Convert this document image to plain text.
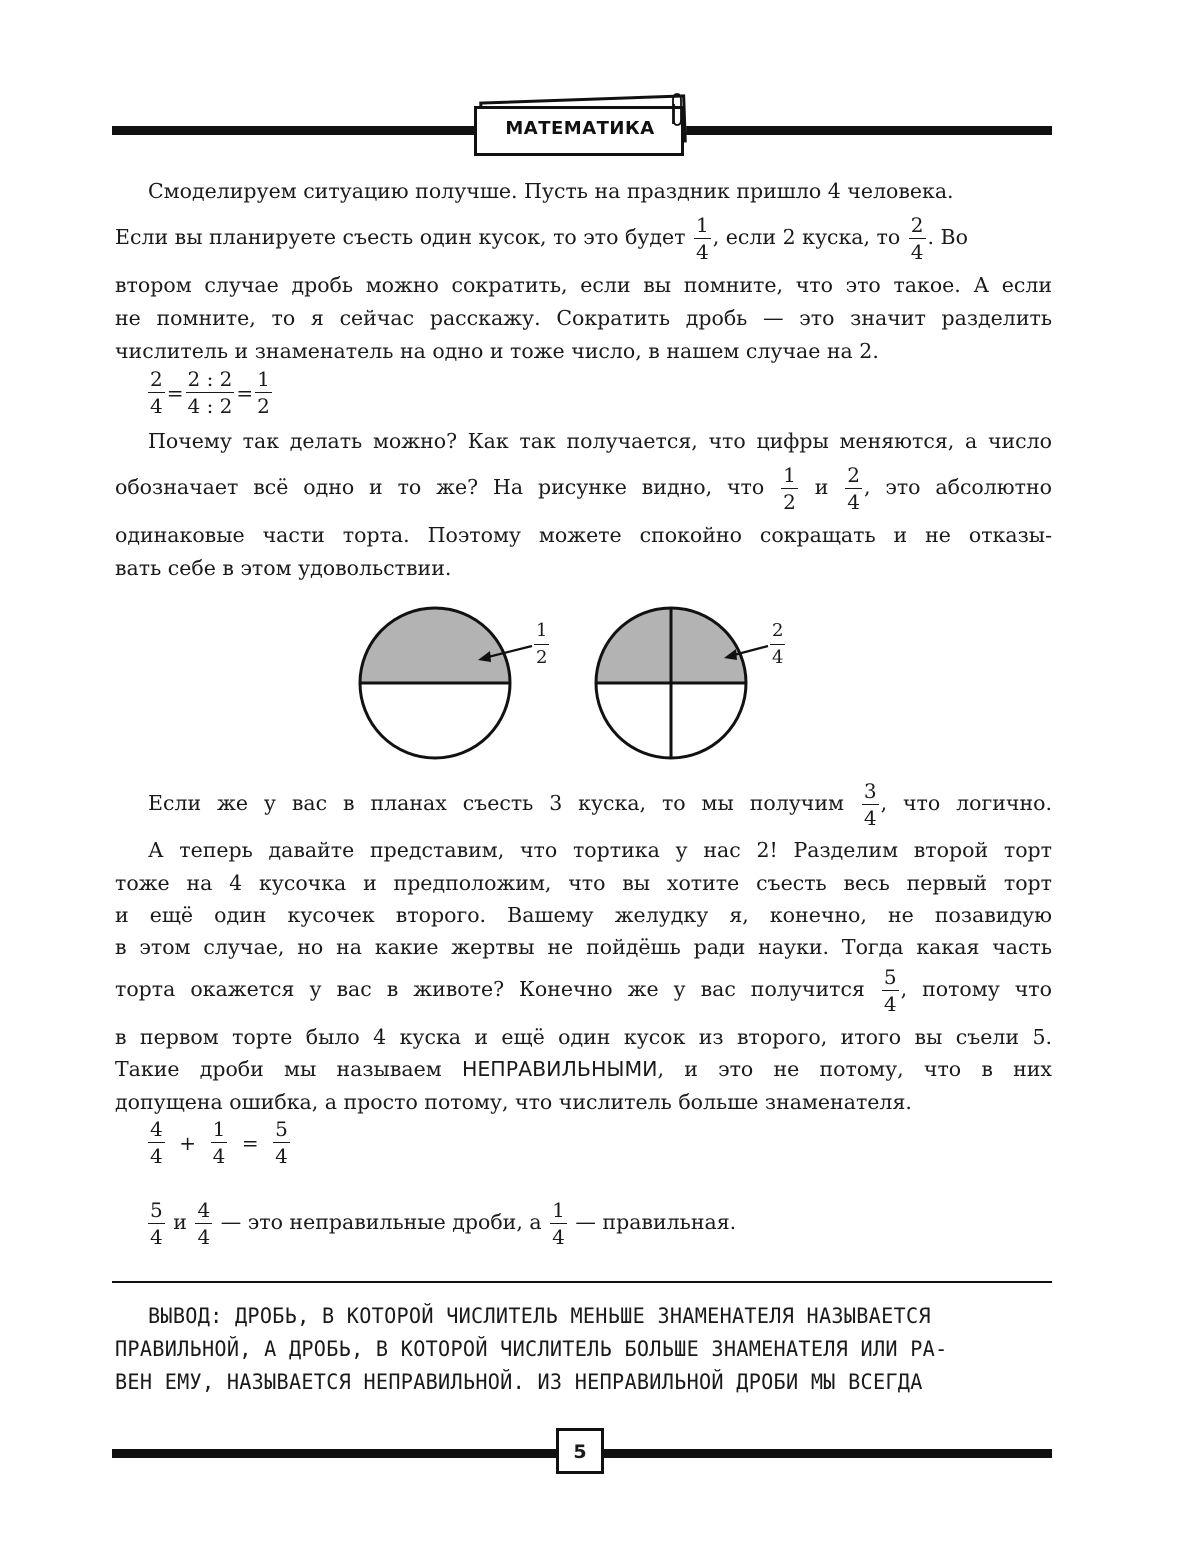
МАТЕМАТИКА
Смоделируем ситуацию получше. Пусть на праздник пришло 4 человека.
Если вы планируете съесть один кусок, то это будет $\frac{1}{4}$ , если 2 куска, то $\frac{2}{4}$ . Во
втором случае дробь можно сократить, если вы помните, что это такое. А если
не помните, то я сейчас расскажу. Сократить дробь — это значит разделить
числитель и знаменатель на одно и тоже число, в нашем случае на 2.
$\frac{2}{4} = \frac{2 : 2}{4 : 2} = \frac{1}{2}$
Почему так делать можно? Как так получается, что цифры меняются, а число
обозначает всё одно и то же? На рисунке видно, что $\frac{1}{2}$ и $\frac{2}{4}$ , это абсолютно
одинаковые части торта. Поэтому можете спокойно сокращать и не отказы-
вать себе в этом удовольствии.
$\frac{1}{2}$	$\frac{2}{4}$
Если же у вас в планах съесть 3 куска, то мы получим $\frac{3}{4}$ , что логично.
А теперь давайте представим, что тортика у нас 2! Разделим второй торт
тоже на 4 кусочка и предположим, что вы хотите съесть весь первый торт
и ещё один кусочек второго. Вашему желудку я, конечно, не позавидую
в этом случае, но на какие жертвы не пойдёшь ради науки. Тогда какая часть
торта окажется у вас в животе? Конечно же у вас получится $\frac{5}{4}$ , потому что
в первом торте было 4 куска и ещё один кусок из второго, итого вы съели 5.
Такие дроби мы называем НЕПРАВИЛЬНЫМИ, и это не потому, что в них
допущена ошибка, а просто потому, что числитель больше знаменателя.
$\frac{4}{4} + \frac{1}{4} = \frac{5}{4}$
$\frac{5}{4}$ и $\frac{4}{4}$ — это неправильные дроби, а $\frac{1}{4}$ — правильная.
ВЫВОД: ДРОБЬ, В КОТОРОЙ ЧИСЛИТЕЛЬ МЕНЬШЕ ЗНАМЕНАТЕЛЯ НАЗЫВАЕТСЯ
ПРАВИЛЬНОЙ, А ДРОБЬ, В КОТОРОЙ ЧИСЛИТЕЛЬ БОЛЬШЕ ЗНАМЕНАТЕЛЯ ИЛИ РА-
ВЕН ЕМУ, НАЗЫВАЕТСЯ НЕПРАВИЛЬНОЙ. ИЗ НЕПРАВИЛЬНОЙ ДРОБИ МЫ ВСЕГДА
5
